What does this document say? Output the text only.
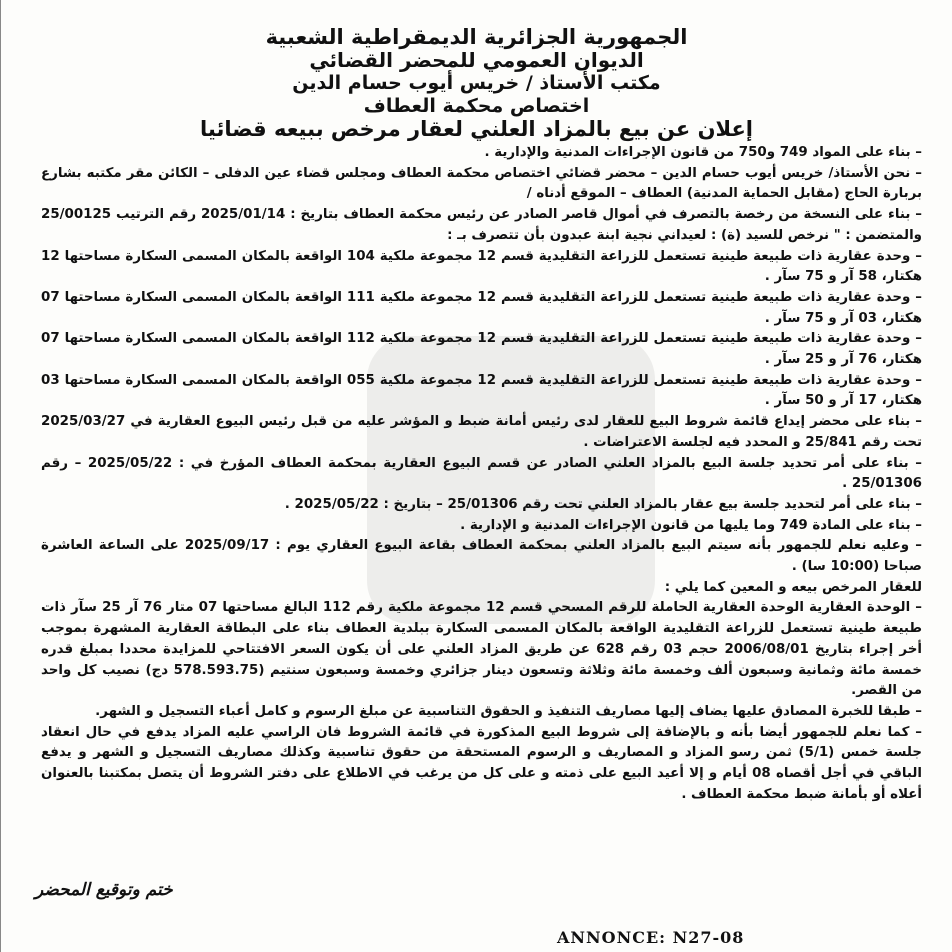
الجمهورية الجزائرية الديمقراطية الشعبية
الديوان العمومي للمحضر القضائي
مكتب الأستاذ / خريس أيوب حسام الدين
اختصاص محكمة العطاف
إعلان عن بيع بالمزاد العلني لعقار مرخص ببيعه قضائيا

– بناء على المواد 749 و750 من قانون الإجراءات المدنية والإدارية .

– نحن الأستاذ/ خريس أيوب حسام الدين – محضر قضائي اختصاص محكمة العطاف ومجلس قضاء عين الدفلى – الكائن مقر مكتبه بشارع بربارة الحاج (مقابل الحماية المدنية) العطاف – الموقع أدناه /

– بناء على النسخة من رخصة بالتصرف في أموال قاصر الصادر عن رئيس محكمة العطاف بتاريخ : 2025/01/14 رقم الترتيب 25/00125 والمتضمن : " نرخص للسيد (ة) : لعيداني نجية ابنة عبدون بأن تتصرف بـ :

– وحدة عقارية ذات طبيعة طينية تستعمل للزراعة التقليدية قسم 12 مجموعة ملكية 104 الواقعة بالمكان المسمى السكارة مساحتها 12 هكتار، 58 آر و 75 سآر .

– وحدة عقارية ذات طبيعة طينية تستعمل للزراعة التقليدية قسم 12 مجموعة ملكية 111 الواقعة بالمكان المسمى السكارة مساحتها 07 هكتار، 03 آر و 75 سآر .

– وحدة عقارية ذات طبيعة طينية تستعمل للزراعة التقليدية قسم 12 مجموعة ملكية 112 الواقعة بالمكان المسمى السكارة مساحتها 07 هكتار، 76 آر و 25 سآر .

– وحدة عقارية ذات طبيعة طينية تستعمل للزراعة التقليدية قسم 12 مجموعة ملكية 055 الواقعة بالمكان المسمى السكارة مساحتها 03 هكتار، 17 آر و 50 سآر .

– بناء على محضر إيداع قائمة شروط البيع للعقار لدى رئيس أمانة ضبط و المؤشر عليه من قبل رئيس البيوع العقارية في 2025/03/27 تحت رقم 25/841 و المحدد فيه لجلسة الاعتراضات .

– بناء على أمر تحديد جلسة البيع بالمزاد العلني الصادر عن قسم البيوع العقارية بمحكمة العطاف المؤرخ في : 2025/05/22 – رقم 25/01306 .

– بناء على أمر لتحديد جلسة بيع عقار بالمزاد العلني تحت رقم 25/01306 – بتاريخ : 2025/05/22 .

– بناء على المادة 749 وما يليها من قانون الإجراءات المدنية و الإدارية .

– وعليه نعلم للجمهور بأنه سيتم البيع بالمزاد العلني بمحكمة العطاف بقاعة البيوع العقاري يوم : 2025/09/17 على الساعة العاشرة صباحا (10:00 سا) .

للعقار المرخص بيعه و المعين كما يلي :

– الوحدة العقارية الوحدة العقارية الحاملة للرقم المسحي قسم 12 مجموعة ملكية رقم 112 البالغ مساحتها 07 متار 76 آر 25 سآر ذات طبيعة طينية تستعمل للزراعة التقليدية الواقعة بالمكان المسمى السكارة ببلدية العطاف بناء على البطاقة العقارية المشهرة بموجب أخر إجراء بتاريخ 2006/08/01 حجم 03 رقم 628 عن طريق المزاد العلني على أن يكون السعر الافتتاحي للمزايدة محددا بمبلغ قدره خمسة مائة وثمانية وسبعون ألف وخمسة مائة وثلاثة وتسعون دينار جزائري وخمسة وسبعون سنتيم (578.593.75 دج) نصيب كل واحد من القصر.

– طبقا للخبرة المصادق عليها يضاف إليها مصاريف التنفيذ و الحقوق التناسبية عن مبلغ الرسوم و كامل أعباء التسجيل و الشهر.

– كما نعلم للجمهور أيضا بأنه و بالإضافة إلى شروط البيع المذكورة في قائمة الشروط فان الراسي عليه المزاد يدفع في حال انعقاد جلسة خمس (5/1) ثمن رسو المزاد و المصاريف و الرسوم المستحقة من حقوق تناسبية وكذلك مصاريف التسجيل و الشهر و يدفع الباقي في أجل أقصاه 08 أيام و إلا أعيد البيع على ذمته و على كل من يرغب في الاطلاع على دفتر الشروط أن يتصل بمكتبنا بالعنوان أعلاه أو بأمانة ضبط محكمة العطاف .

ختم وتوقيع المحضر
ANNONCE: N27-08
